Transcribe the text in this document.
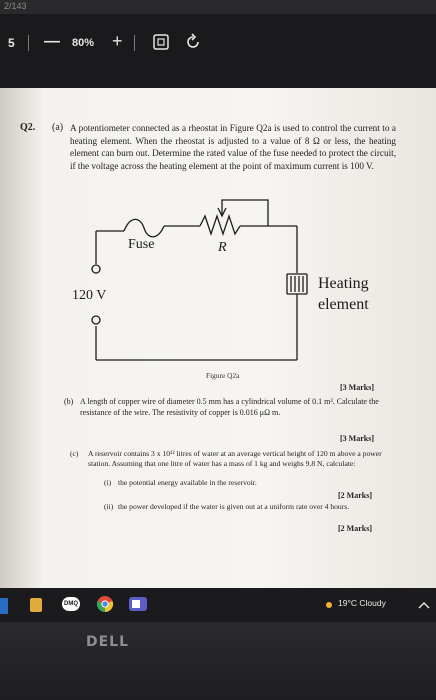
2/143
5 — 80% +
Q2. (a) A potentiometer connected as a rheostat in Figure Q2a is used to control the current to a heating element. When the rheostat is adjusted to a value of 8 Ω or less, the heating element can burn out. Determine the rated value of the fuse needed to protect the circuit, if the voltage across the heating element at the point of maximum current is 100 V.
Fuse	R
120 V
Heating
element
Figure Q2a
[3 Marks]
(b) A length of copper wire of diameter 0.5 mm has a cylindrical volume of 0.1 m³. Calculate the resistance of the wire. The resistivity of copper is 0.016 μΩ m.
[3 Marks]
(c) A reservoir contains 3 x 10¹² litres of water at an average vertical height of 120 m above a power station. Assuming that one litre of water has a mass of 1 kg and weighs 9.8 N, calculate:
(i) the potential energy available in the reservoir.
[2 Marks]
(ii) the power developed if the water is given out at a uniform rate over 4 hours.
[2 Marks]
DMQ	19°C Cloudy
DELL
